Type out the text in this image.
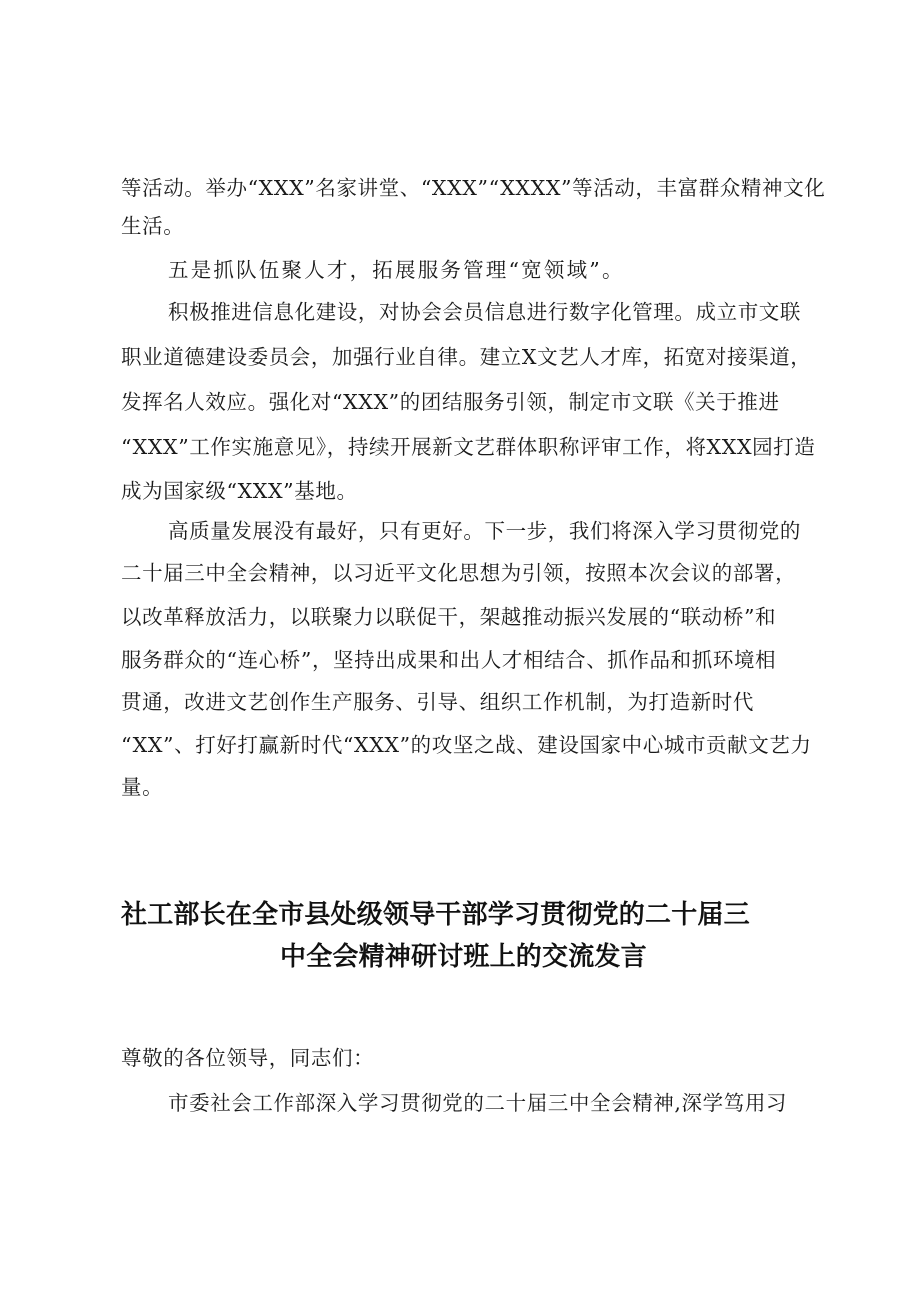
等活动。举办“XXX”名家讲堂、“XXX”“XXXX”等活动，丰富群众精神文化
生活。
五是抓队伍聚人才，拓展服务管理“宽领域”。
积极推进信息化建设，对协会会员信息进行数字化管理。成立市文联
职业道德建设委员会，加强行业自律。建立X文艺人才库，拓宽对接渠道，
发挥名人效应。强化对“XXX”的团结服务引领，制定市文联《关于推进
“XXX”工作实施意见》，持续开展新文艺群体职称评审工作，将XXX园打造
成为国家级“XXX”基地。
高质量发展没有最好，只有更好。下一步，我们将深入学习贯彻党的
二十届三中全会精神，以习近平文化思想为引领，按照本次会议的部署，
以改革释放活力，以联聚力以联促干，架越推动振兴发展的“联动桥”和
服务群众的“连心桥”，坚持出成果和出人才相结合、抓作品和抓环境相
贯通，改进文艺创作生产服务、引导、组织工作机制，为打造新时代
“XX”、打好打赢新时代“XXX”的攻坚之战、建设国家中心城市贡献文艺力
量。
社工部长在全市县处级领导干部学习贯彻党的二十届三
中全会精神研讨班上的交流发言
尊敬的各位领导，同志们：
市委社会工作部深入学习贯彻党的二十届三中全会精神,深学笃用习
